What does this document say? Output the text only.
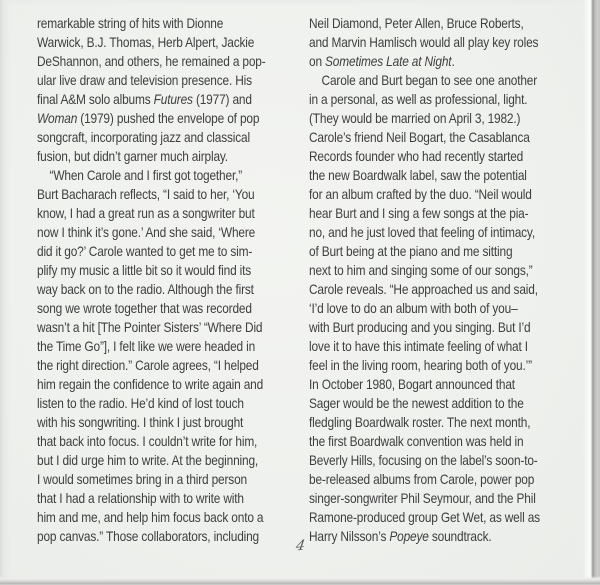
remarkable string of hits with Dionne
Warwick, B.J. Thomas, Herb Alpert, Jackie
DeShannon, and others, he remained a pop-
ular live draw and television presence. His
final A&M solo albums Futures (1977) and
Woman (1979) pushed the envelope of pop
songcraft, incorporating jazz and classical
fusion, but didn’t garner much airplay.
“When Carole and I first got together,”
Burt Bacharach reflects, “I said to her, ‘You
know, I had a great run as a songwriter but
now I think it’s gone.’ And she said, ‘Where
did it go?’ Carole wanted to get me to sim-
plify my music a little bit so it would find its
way back on to the radio. Although the first
song we wrote together that was recorded
wasn’t a hit [The Pointer Sisters’ “Where Did
the Time Go”], I felt like we were headed in
the right direction.” Carole agrees, “I helped
him regain the confidence to write again and
listen to the radio. He’d kind of lost touch
with his songwriting. I think I just brought
that back into focus. I couldn’t write for him,
but I did urge him to write. At the beginning,
I would sometimes bring in a third person
that I had a relationship with to write with
him and me, and help him focus back onto a
pop canvas.” Those collaborators, including
Neil Diamond, Peter Allen, Bruce Roberts,
and Marvin Hamlisch would all play key roles
on Sometimes Late at Night.
Carole and Burt began to see one another
in a personal, as well as professional, light.
(They would be married on April 3, 1982.)
Carole’s friend Neil Bogart, the Casablanca
Records founder who had recently started
the new Boardwalk label, saw the potential
for an album crafted by the duo. “Neil would
hear Burt and I sing a few songs at the pia-
no, and he just loved that feeling of intimacy,
of Burt being at the piano and me sitting
next to him and singing some of our songs,”
Carole reveals. “He approached us and said,
‘I’d love to do an album with both of you–
with Burt producing and you singing. But I’d
love it to have this intimate feeling of what I
feel in the living room, hearing both of you.’”
In October 1980, Bogart announced that
Sager would be the newest addition to the
fledgling Boardwalk roster. The next month,
the first Boardwalk convention was held in
Beverly Hills, focusing on the label’s soon-to-
be-released albums from Carole, power pop
singer-songwriter Phil Seymour, and the Phil
Ramone-produced group Get Wet, as well as
Harry Nilsson’s Popeye soundtrack.
4
